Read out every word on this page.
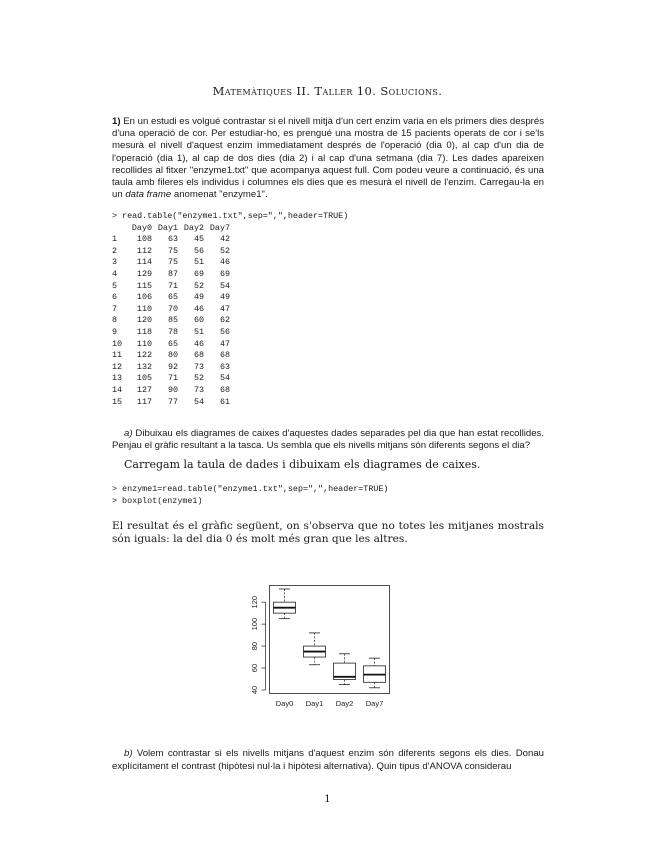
Matemàtiques II. Taller 10. Solucions.
1) En un estudi es volgué contrastar si el nivell mitjà d'un cert enzim varia en els primers dies després d'una operació de cor. Per estudiar-ho, es prengué una mostra de 15 pacients operats de cor i se'ls mesurà el nivell d'aquest enzim immediatament després de l'operació (dia 0), al cap d'un dia de l'operació (dia 1), al cap de dos dies (dia 2) i al cap d'una setmana (dia 7). Les dades apareixen recollides al fitxer "enzyme1.txt" que acompanya aquest full. Com podeu veure a continuació, és una taula amb fileres els individus i columnes els dies que es mesurà el nivell de l'enzim. Carregau-la en un data frame anomenat "enzyme1".
> read.table("enzyme1.txt",sep=",",header=TRUE)
	Day0	Day1	Day2	Day7
1	108	63	45	42
2	112	75	56	52
3	114	75	51	46
4	129	87	69	69
5	115	71	52	54
6	106	65	49	49
7	110	70	46	47
8	120	85	60	62
9	118	78	51	56
10	110	65	46	47
11	122	80	68	68
12	132	92	73	63
13	105	71	52	54
14	127	90	73	68
15	117	77	54	61
a) Dibuixau els diagrames de caixes d'aquestes dades separades pel dia que han estat recollides. Penjau el gràfic resultant a la tasca. Us sembla que els nivells mitjans són diferents segons el dia?
Carregam la taula de dades i dibuixam els diagrames de caixes.
> enzyme1=read.table("enzyme1.txt",sep=",",header=TRUE)
> boxplot(enzyme1)
El resultat és el gràfic següent, on s'observa que no totes les mitjanes mostrals són iguals: la del dia 0 és molt més gran que les altres.
40
60
80
100
120
Day0 Day1 Day2 Day7
b) Volem contrastar si els nivells mitjans d'aquest enzim són diferents segons els dies. Donau explícitament el contrast (hipòtesi nul·la i hipòtesi alternativa). Quin tipus d'ANOVA considerau
1
